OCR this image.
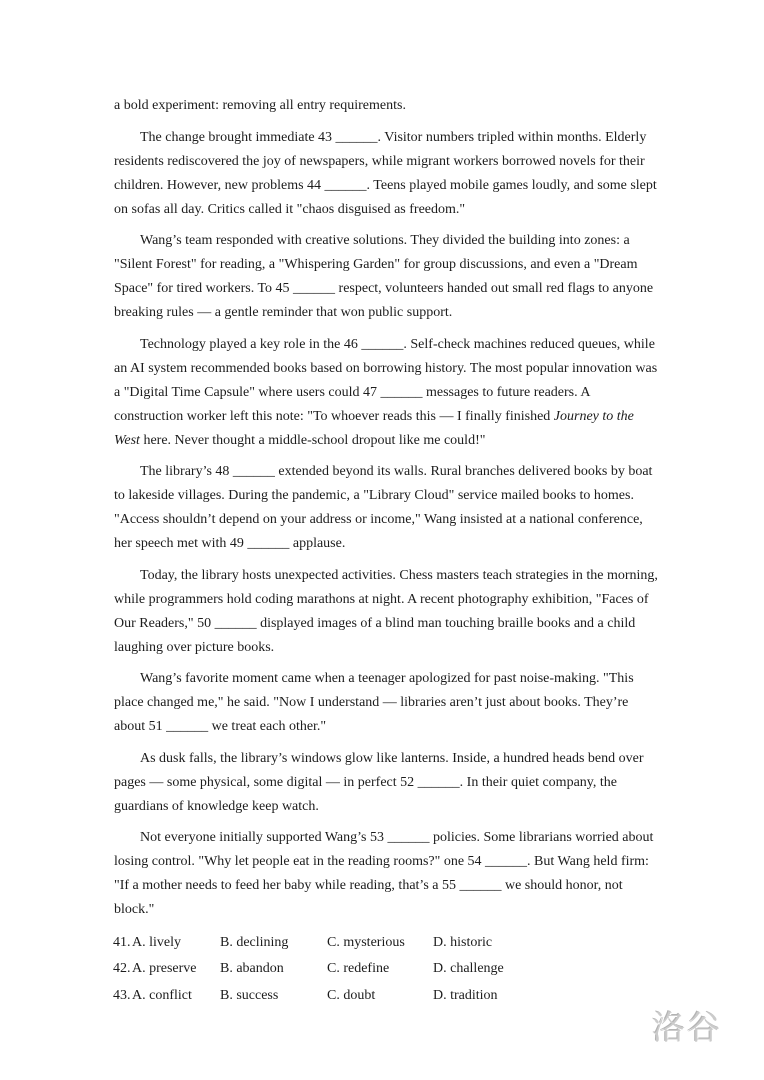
a bold experiment: removing all entry requirements.

The change brought immediate 43 ______. Visitor numbers tripled within months. Elderly residents rediscovered the joy of newspapers, while migrant workers borrowed novels for their children. However, new problems 44 ______. Teens played mobile games loudly, and some slept on sofas all day. Critics called it "chaos disguised as freedom."

Wang’s team responded with creative solutions. They divided the building into zones: a "Silent Forest" for reading, a "Whispering Garden" for group discussions, and even a "Dream Space" for tired workers. To 45 ______ respect, volunteers handed out small red flags to anyone breaking rules — a gentle reminder that won public support.

Technology played a key role in the 46 ______. Self-check machines reduced queues, while an AI system recommended books based on borrowing history. The most popular innovation was a "Digital Time Capsule" where users could 47 ______ messages to future readers. A construction worker left this note: "To whoever reads this — I finally finished Journey to the West here. Never thought a middle-school dropout like me could!"

The library’s 48 ______ extended beyond its walls. Rural branches delivered books by boat to lakeside villages. During the pandemic, a "Library Cloud" service mailed books to homes. "Access shouldn’t depend on your address or income," Wang insisted at a national conference, her speech met with 49 ______ applause.

Today, the library hosts unexpected activities. Chess masters teach strategies in the morning, while programmers hold coding marathons at night. A recent photography exhibition, "Faces of Our Readers," 50 ______ displayed images of a blind man touching braille books and a child laughing over picture books.

Wang’s favorite moment came when a teenager apologized for past noise-making. "This place changed me," he said. "Now I understand — libraries aren’t just about books. They’re about 51 ______ we treat each other."

As dusk falls, the library’s windows glow like lanterns. Inside, a hundred heads bend over pages — some physical, some digital — in perfect 52 ______. In their quiet company, the guardians of knowledge keep watch.

Not everyone initially supported Wang’s 53 ______ policies. Some librarians worried about losing control. "Why let people eat in the reading rooms?" one 54 ______. But Wang held firm: "If a mother needs to feed her baby while reading, that’s a 55 ______ we should honor, not block."

41. A. lively	B. declining	C. mysterious	D. historic
42. A. preserve	B. abandon	C. redefine	D. challenge
43. A. conflict	B. success	C. doubt	D. tradition
洛谷
